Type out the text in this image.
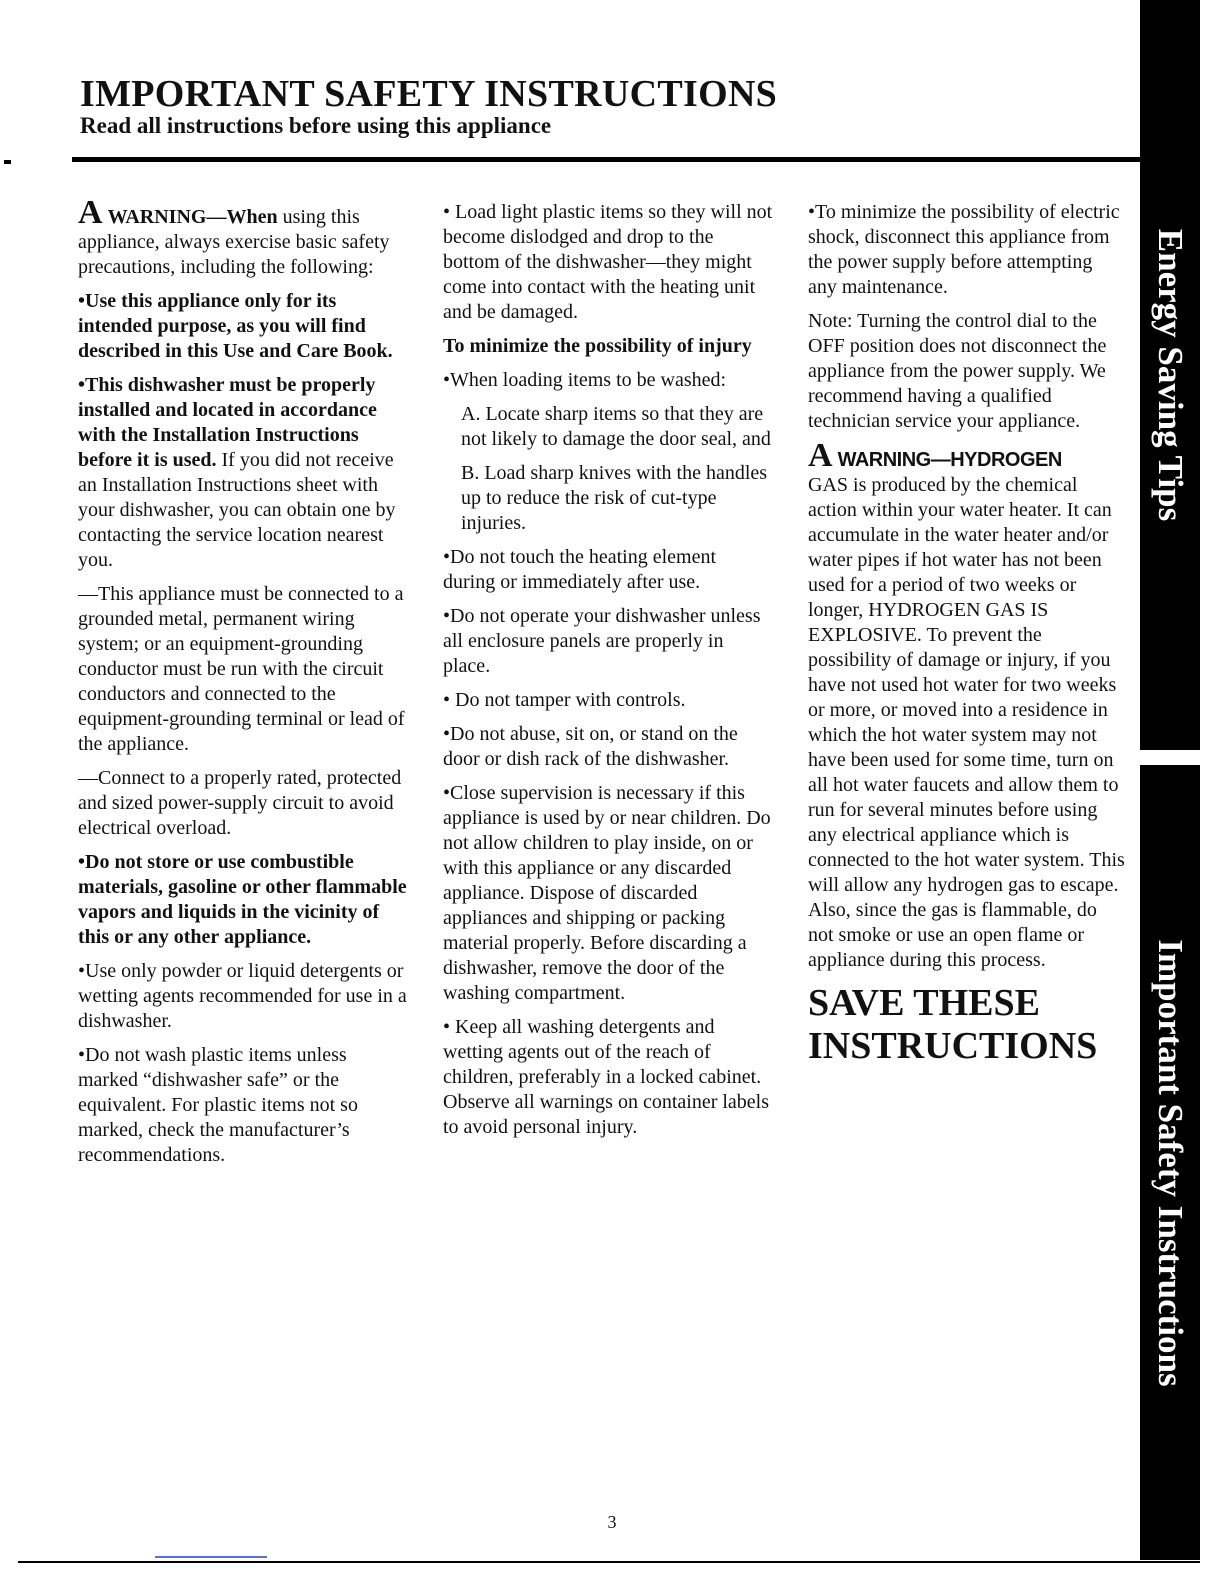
IMPORTANT SAFETY INSTRUCTIONS
Read all instructions before using this appliance

A WARNING—When using this appliance, always exercise basic safety precautions, including the following:

•Use this appliance only for its intended purpose, as you will find described in this Use and Care Book.

•This dishwasher must be properly installed and located in accordance with the Installation Instructions before it is used. If you did not receive an Installation Instructions sheet with your dishwasher, you can obtain one by contacting the service location nearest you.

—This appliance must be connected to a grounded metal, permanent wiring system; or an equipment-grounding conductor must be run with the circuit conductors and connected to the equipment-grounding terminal or lead of the appliance.

—Connect to a properly rated, protected and sized power-supply circuit to avoid electrical overload.

•Do not store or use combustible materials, gasoline or other flammable vapors and liquids in the vicinity of this or any other appliance.

•Use only powder or liquid detergents or wetting agents recommended for use in a dishwasher.

•Do not wash plastic items unless marked “dishwasher safe” or the equivalent. For plastic items not so marked, check the manufacturer’s recommendations.

• Load light plastic items so they will not become dislodged and drop to the bottom of the dishwasher—they might come into contact with the heating unit and be damaged.

To minimize the possibility of injury

•When loading items to be washed:

A. Locate sharp items so that they are not likely to damage the door seal, and

B. Load sharp knives with the handles up to reduce the risk of cut-type injuries.

•Do not touch the heating element during or immediately after use.

•Do not operate your dishwasher unless all enclosure panels are properly in place.

• Do not tamper with controls.

•Do not abuse, sit on, or stand on the door or dish rack of the dishwasher.

•Close supervision is necessary if this appliance is used by or near children. Do not allow children to play inside, on or with this appliance or any discarded appliance. Dispose of discarded appliances and shipping or packing material properly. Before discarding a dishwasher, remove the door of the washing compartment.

• Keep all washing detergents and wetting agents out of the reach of children, preferably in a locked cabinet. Observe all warnings on container labels to avoid personal injury.

•To minimize the possibility of electric shock, disconnect this appliance from the power supply before attempting any maintenance.

Note: Turning the control dial to the OFF position does not disconnect the appliance from the power supply. We recommend having a qualified technician service your appliance.

A WARNING—HYDROGEN
GAS is produced by the chemical action within your water heater. It can accumulate in the water heater and/or water pipes if hot water has not been used for a period of two weeks or longer, HYDROGEN GAS IS EXPLOSIVE. To prevent the possibility of damage or injury, if you have not used hot water for two weeks or more, or moved into a residence in which the hot water system may not have been used for some time, turn on all hot water faucets and allow them to run for several minutes before using any electrical appliance which is connected to the hot water system. This will allow any hydrogen gas to escape. Also, since the gas is flammable, do not smoke or use an open flame or appliance during this process.

SAVE THESE INSTRUCTIONS

Energy Saving Tips
Important Safety Instructions
3
